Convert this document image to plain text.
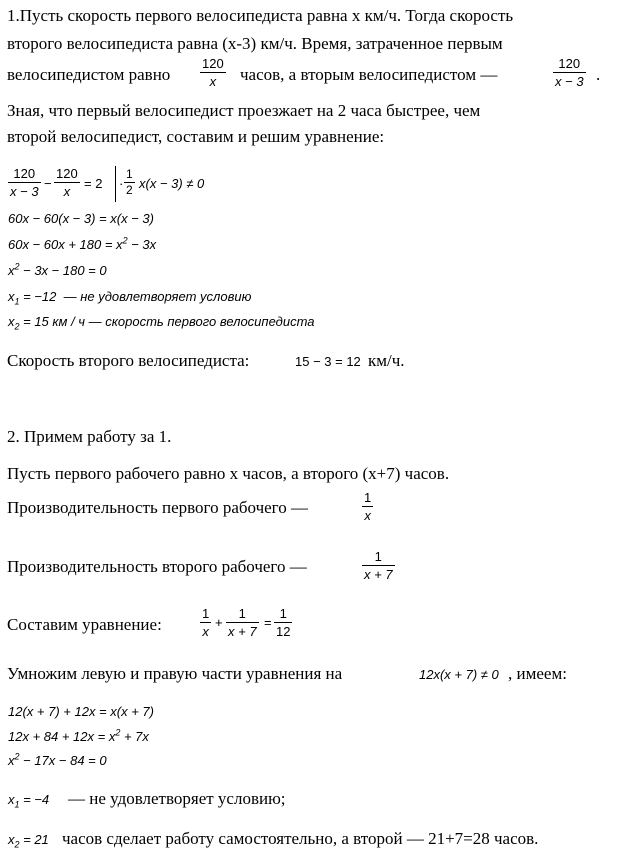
1.Пусть скорость первого велосипедиста равна x км/ч. Тогда скорость
второго велосипедиста равна (x-3) км/ч. Время, затраченное первым
велосипедистом равно
120
x часов, а вторым велосипедистом —
120
x − 3 .
Зная, что первый велосипедист проезжает на 2 часа быстрее, чем
второй велосипедист, составим и решим уравнение:
120
x − 3
−
120
x
= 2 ·
1
2 x(x − 3) ≠ 0
60x − 60(x − 3) = x(x − 3)
$60x - 60x + 180 = x^2 - 3x$
$x^2 - 3x - 180 = 0$
$x_1 = -12$ — не удовлетворяет условию
$x_2 = 15$ км / ч — скорость первого велосипедиста
Скорость второго велосипедиста:	15 − 3 = 12 км/ч.
2. Примем работу за 1.
Пусть первого рабочего равно x часов, а второго (x+7) часов.
Производительность первого рабочего —
1
x
Производительность второго рабочего —
1
x + 7
Составим уравнение:
1
x
+
1
x + 7
=
1
12
Умножим левую и правую части уравнения на	12x(x + 7) ≠ 0 , имеем:
12(x + 7) + 12x = x(x + 7)
$12x + 84 + 12x = x^2 + 7x$
$x^2 - 17x - 84 = 0$
$x_1 = -4$ — не удовлетворяет условию;
$x_2 = 21$ часов сделает работу самостоятельно, а второй — 21+7=28 часов.
